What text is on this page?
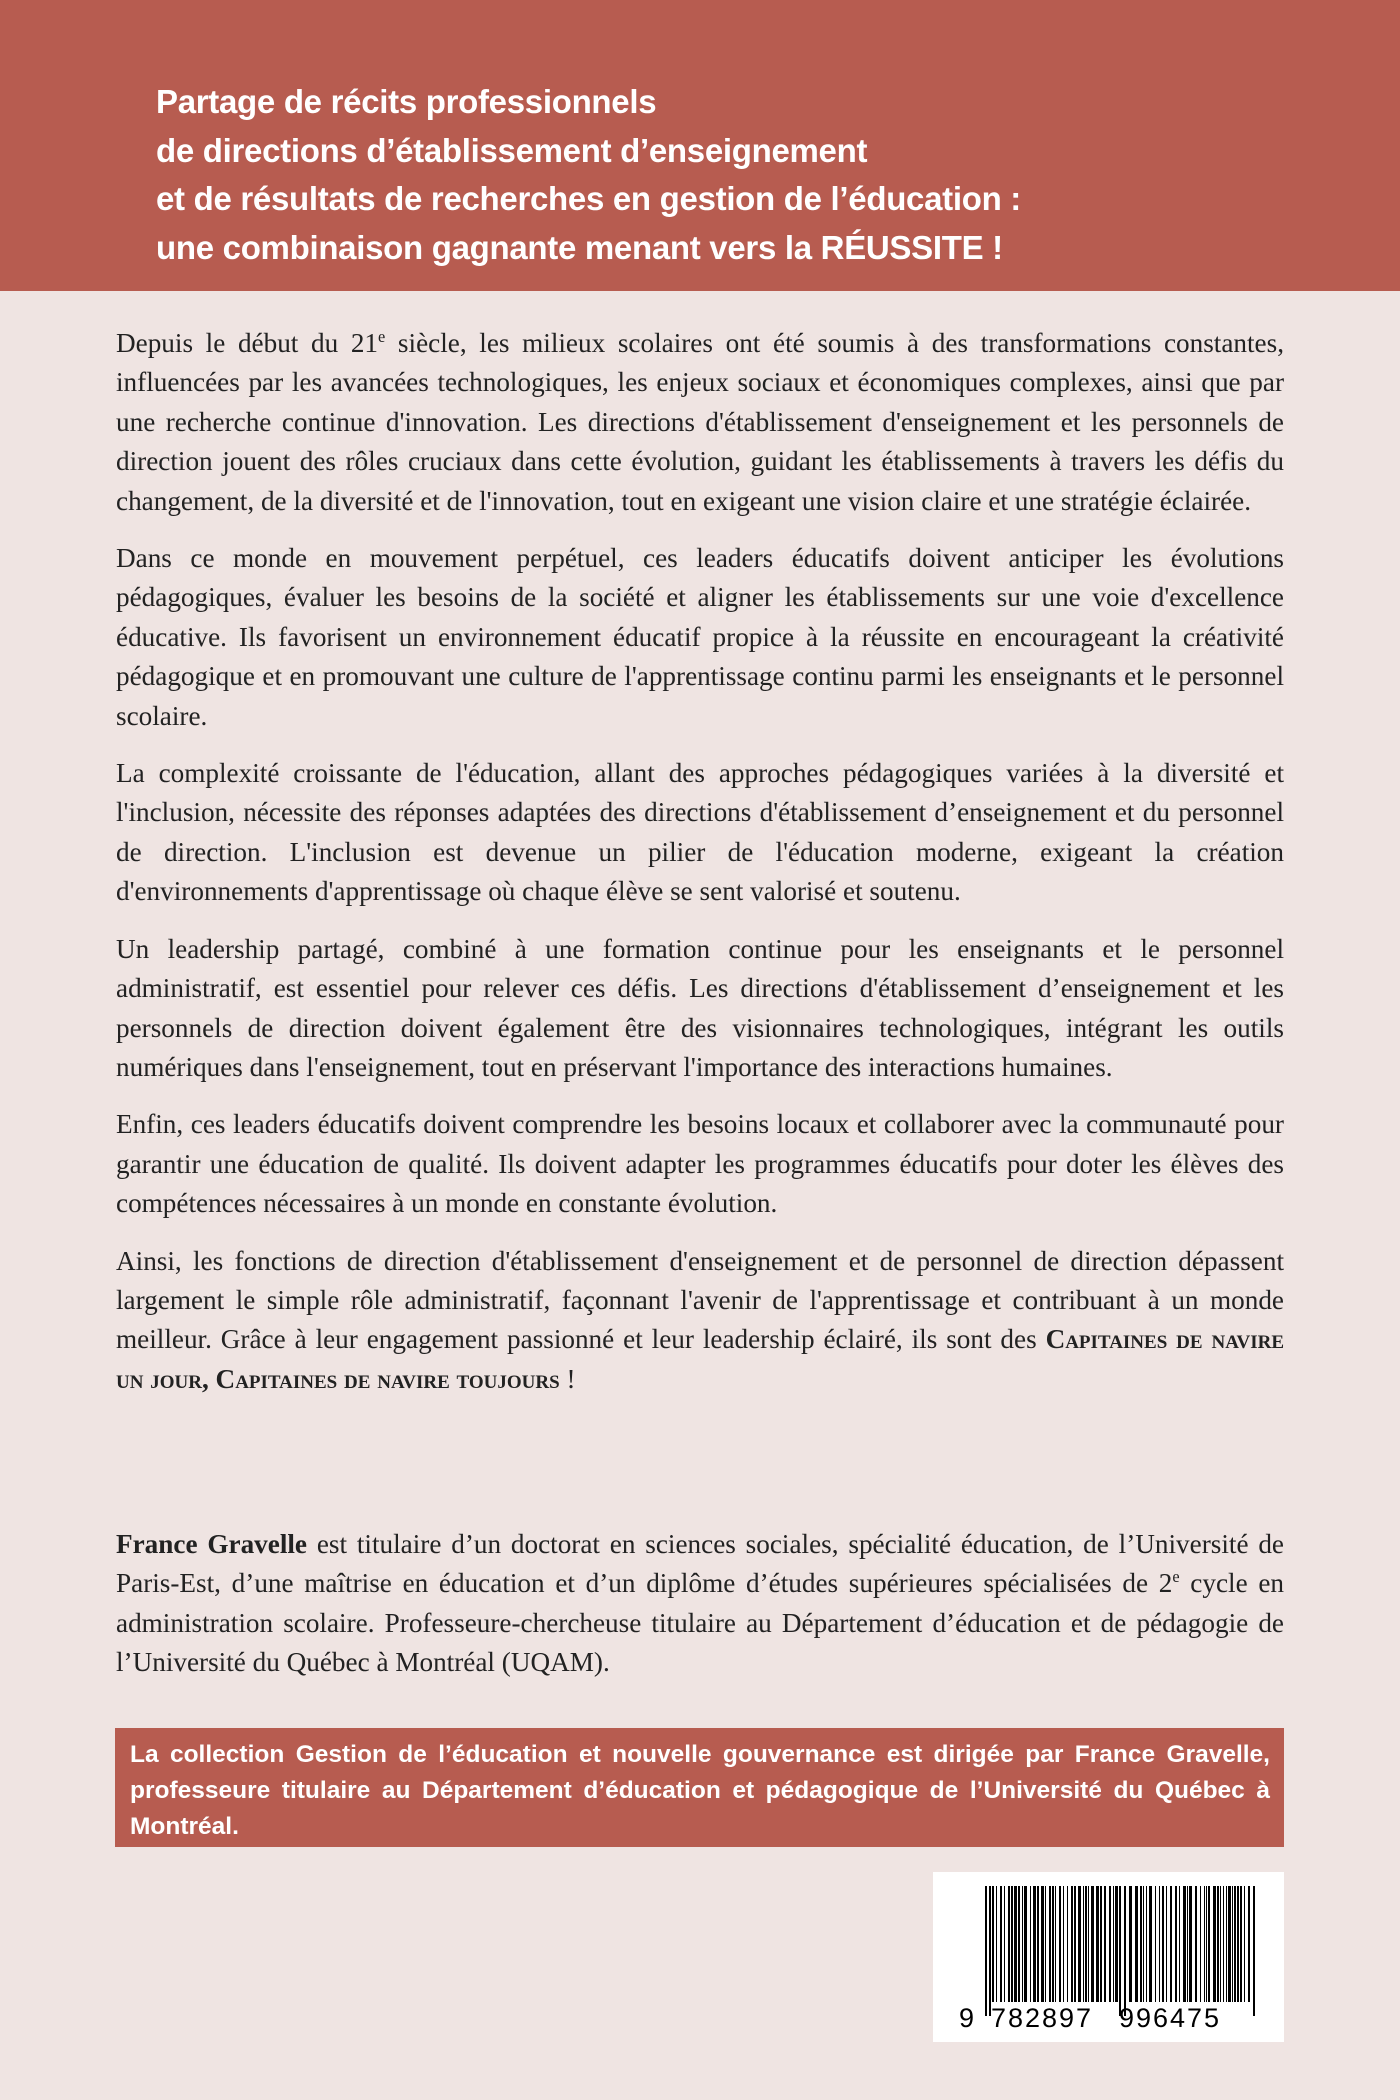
Partage de récits professionnels
de directions d’établissement d’enseignement
et de résultats de recherches en gestion de l’éducation :
une combinaison gagnante menant vers la RÉUSSITE !

Depuis le début du 21e siècle, les milieux scolaires ont été soumis à des transformations constantes, influencées par les avancées technologiques, les enjeux sociaux et économiques complexes, ainsi que par une recherche continue d'innovation. Les directions d'établissement d'enseignement et les personnels de direction jouent des rôles cruciaux dans cette évolution, guidant les établissements à travers les défis du changement, de la diversité et de l'innovation, tout en exigeant une vision claire et une stratégie éclairée.

Dans ce monde en mouvement perpétuel, ces leaders éducatifs doivent anticiper les évolutions pédagogiques, évaluer les besoins de la société et aligner les établissements sur une voie d'excellence éducative. Ils favorisent un environnement éducatif propice à la réussite en encourageant la créativité pédagogique et en promouvant une culture de l'apprentissage continu parmi les enseignants et le personnel scolaire.

La complexité croissante de l'éducation, allant des approches pédagogiques variées à la diversité et l'inclusion, nécessite des réponses adaptées des directions d'établissement d’enseignement et du personnel de direction. L'inclusion est devenue un pilier de l'éducation moderne, exigeant la création d'environnements d'apprentissage où chaque élève se sent valorisé et soutenu.

Un leadership partagé, combiné à une formation continue pour les enseignants et le personnel administratif, est essentiel pour relever ces défis. Les directions d'établissement d’enseignement et les personnels de direction doivent également être des visionnaires technologiques, intégrant les outils numériques dans l'enseignement, tout en préservant l'importance des interactions humaines.

Enfin, ces leaders éducatifs doivent comprendre les besoins locaux et collaborer avec la communauté pour garantir une éducation de qualité. Ils doivent adapter les programmes éducatifs pour doter les élèves des compétences nécessaires à un monde en constante évolution.

Ainsi, les fonctions de direction d'établissement d'enseignement et de personnel de direction dépassent largement le simple rôle administratif, façonnant l'avenir de l'apprentissage et contribuant à un monde meilleur. Grâce à leur engagement passionné et leur leadership éclairé, ils sont des Capitaines de navire un jour, Capitaines de navire toujours !

France Gravelle est titulaire d’un doctorat en sciences sociales, spécialité éducation, de l’Université de Paris-Est, d’une maîtrise en éducation et d’un diplôme d’études supérieures spécialisées de 2e cycle en administration scolaire. Professeure-chercheuse titulaire au Département d’éducation et de pédagogie de l’Université du Québec à Montréal (UQAM).

La collection Gestion de l’éducation et nouvelle gouvernance est dirigée par France Gravelle, professeure titulaire au Département d’éducation et pédagogique de l’Université du Québec à Montréal.
9 782897 996475
